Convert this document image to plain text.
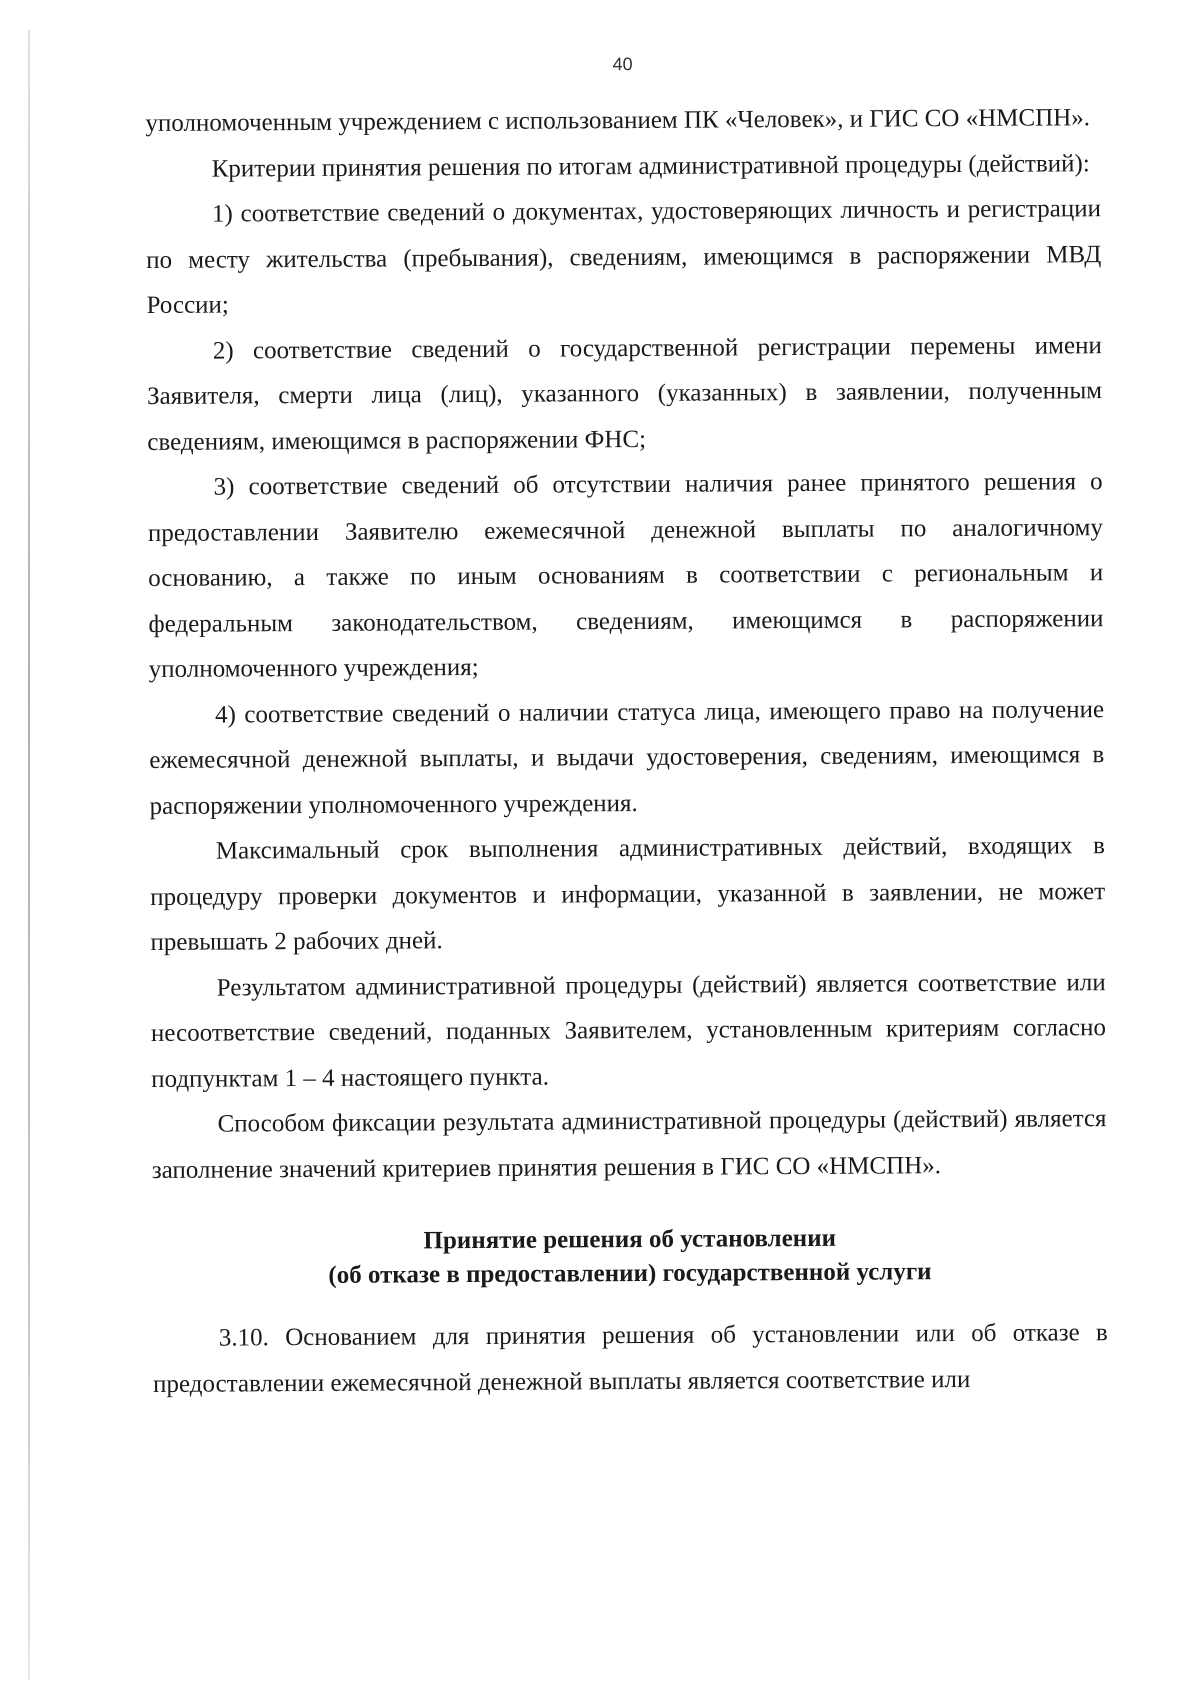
40

уполномоченным учреждением с использованием ПК «Человек», и ГИС СО «НМСПН».

Критерии принятия решения по итогам административной процедуры (действий):

1) соответствие сведений о документах, удостоверяющих личность и регистрации по месту жительства (пребывания), сведениям, имеющимся в распоряжении МВД России;

2) соответствие сведений о государственной регистрации перемены имени Заявителя, смерти лица (лиц), указанного (указанных) в заявлении, полученным сведениям, имеющимся в распоряжении ФНС;

3) соответствие сведений об отсутствии наличия ранее принятого решения о предоставлении Заявителю ежемесячной денежной выплаты по аналогичному основанию, а также по иным основаниям в соответствии с региональным и федеральным законодательством, сведениям, имеющимся в распоряжении уполномоченного учреждения;

4) соответствие сведений о наличии статуса лица, имеющего право на получение ежемесячной денежной выплаты, и выдачи удостоверения, сведениям, имеющимся в распоряжении уполномоченного учреждения.

Максимальный срок выполнения административных действий, входящих в процедуру проверки документов и информации, указанной в заявлении, не может превышать 2 рабочих дней.

Результатом административной процедуры (действий) является соответствие или несоответствие сведений, поданных Заявителем, установленным критериям согласно подпунктам 1 – 4 настоящего пункта.

Способом фиксации результата административной процедуры (действий) является заполнение значений критериев принятия решения в ГИС СО «НМСПН».

Принятие решения об установлении
(об отказе в предоставлении) государственной услуги

3.10. Основанием для принятия решения об установлении или об отказе в предоставлении ежемесячной денежной выплаты является соответствие или
